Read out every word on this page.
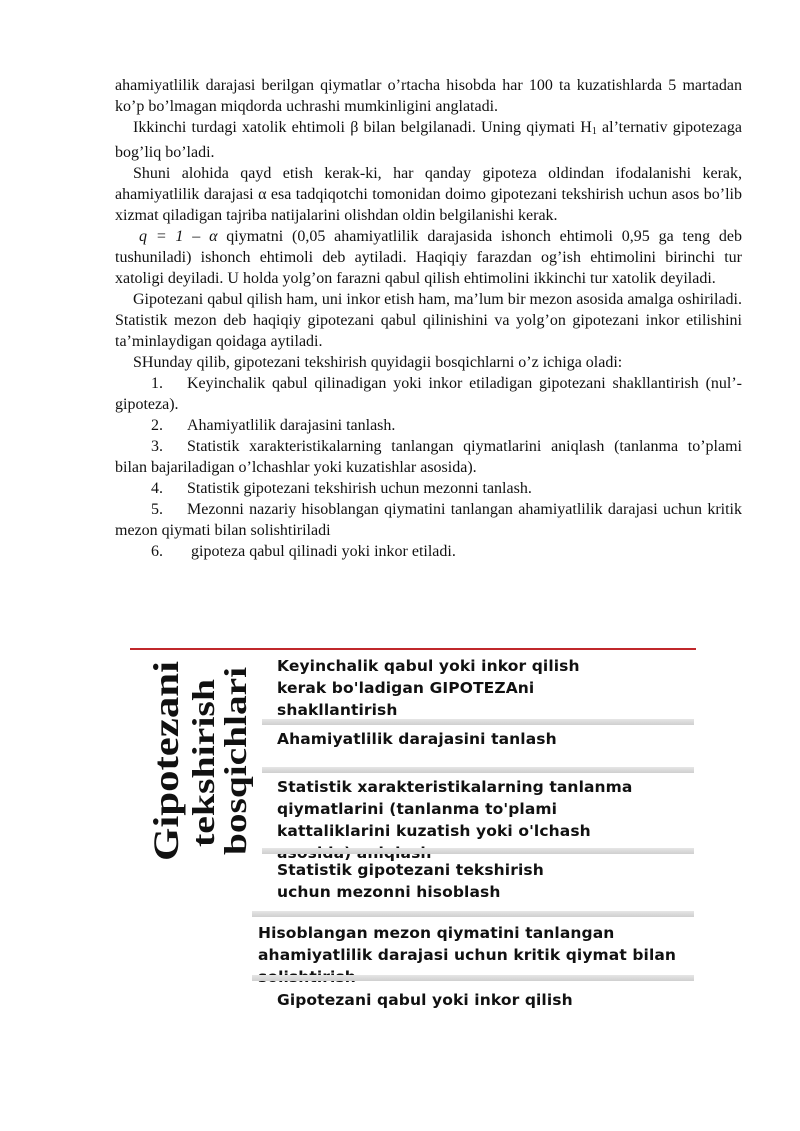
ahamiyatlilik darajasi berilgan qiymatlar o’rtacha hisobda har 100 ta kuzatishlarda 5 martadan ko’p bo’lmagan miqdorda uchrashi mumkinligini anglatadi.

Ikkinchi turdagi xatolik ehtimoli β bilan belgilanadi. Uning qiymati $H_1$ al’ternativ gipotezaga bog’liq bo’ladi.

Shuni alohida qayd etish kerak-ki, har qanday gipoteza oldindan ifodalanishi kerak, ahamiyatlilik darajasi α esa tadqiqotchi tomonidan doimo gipotezani tekshirish uchun asos bo’lib xizmat qiladigan tajriba natijalarini olishdan oldin belgilanishi kerak.

q = 1 – α qiymatni (0,05 ahamiyatlilik darajasida ishonch ehtimoli 0,95 ga teng deb tushuniladi) ishonch ehtimoli deb aytiladi. Haqiqiy farazdan og’ish ehtimolini birinchi tur xatoligi deyiladi. U holda yolg’on farazni qabul qilish ehtimolini ikkinchi tur xatolik deyiladi.

Gipotezani qabul qilish ham, uni inkor etish ham, ma’lum bir mezon asosida amalga oshiriladi. Statistik mezon deb haqiqiy gipotezani qabul qilinishini va yolg’on gipotezani inkor etilishini ta’minlaydigan qoidaga aytiladi.

SHunday qilib, gipotezani tekshirish quyidagii bosqichlarni o’z ichiga oladi:

1. Keyinchalik qabul qilinadigan yoki inkor etiladigan gipotezani shakllantirish (nul’-gipoteza).

2. Ahamiyatlilik darajasini tanlash.

3. Statistik xarakteristikalarning tanlangan qiymatlarini aniqlash (tanlanma to’plami bilan bajariladigan o’lchashlar yoki kuzatishlar asosida).

4. Statistik gipotezani tekshirish uchun mezonni tanlash.

5. Mezonni nazariy hisoblangan qiymatini tanlangan ahamiyatlilik darajasi uchun kritik mezon qiymati bilan solishtiriladi

6. gipoteza qabul qilinadi yoki inkor etiladi.

Gipotezani tekshirish
bosqichlari
Keyinchalik qabul yoki inkor qilish kerak bo'ladigan GIPOTEZAni shakllantirish
Ahamiyatlilik darajasini tanlash
Statistik xarakteristikalarning tanlanma qiymatlarini (tanlanma to'plami kattaliklarini kuzatish yoki o'lchash
Statistik gipotezani tekshirish uchun mezonni hisoblash
Hisoblangan mezon qiymatini tanlangan ahamiyatlilik darajasi uchun kritik qiymat bilan
Gipotezani qabul yoki inkor qilish
